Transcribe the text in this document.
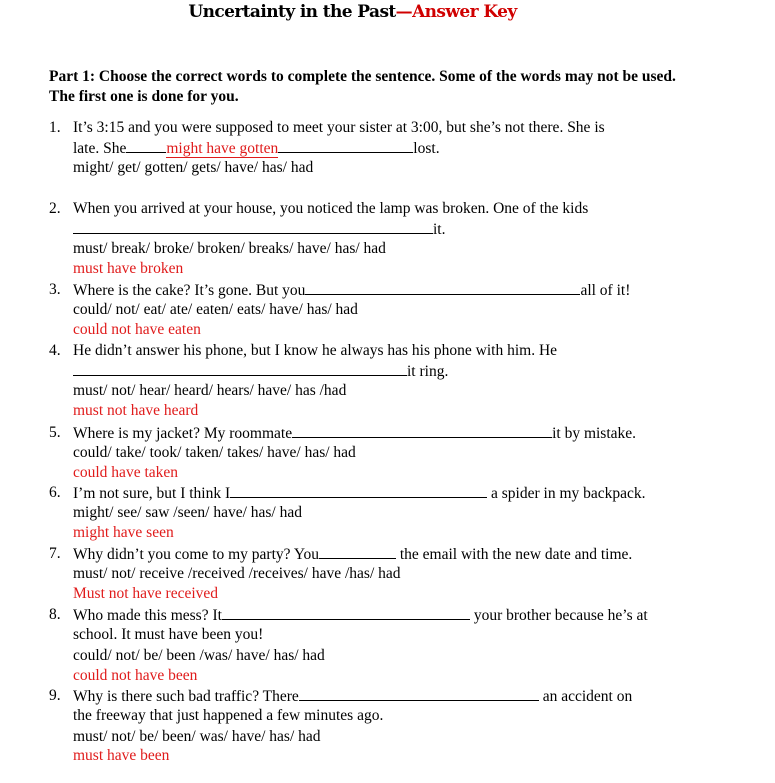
Uncertainty in the Past—Answer Key
Part 1: Choose the correct words to complete the sentence. Some of the words may not be used. The first one is done for you.
1. It’s 3:15 and you were supposed to meet your sister at 3:00, but she’s not there. She is
late. She	might have gotten	lost.
might/ get/ gotten/ gets/ have/ has/ had
2. When you arrived at your house, you noticed the lamp was broken. One of the kids
it.
must/ break/ broke/ broken/ breaks/ have/ has/ had
must have broken
3. Where is the cake? It’s gone. But you	all of it!
could/ not/ eat/ ate/ eaten/ eats/ have/ has/ had
could not have eaten
4. He didn’t answer his phone, but I know he always has his phone with him. He
it ring.
must/ not/ hear/ heard/ hears/ have/ has /had
must not have heard
5. Where is my jacket? My roommate	it by mistake.
could/ take/ took/ taken/ takes/ have/ has/ had
could have taken
6. I’m not sure, but I think I	a spider in my backpack.
might/ see/ saw /seen/ have/ has/ had
might have seen
7. Why didn’t you come to my party? You	the email with the new date and time.
must/ not/ receive /received /receives/ have /has/ had
Must not have received
8. Who made this mess? It	your brother because he’s at
school. It must have been you!
could/ not/ be/ been /was/ have/ has/ had
could not have been
9. Why is there such bad traffic? There	an accident on
the freeway that just happened a few minutes ago.
must/ not/ be/ been/ was/ have/ has/ had
must have been
